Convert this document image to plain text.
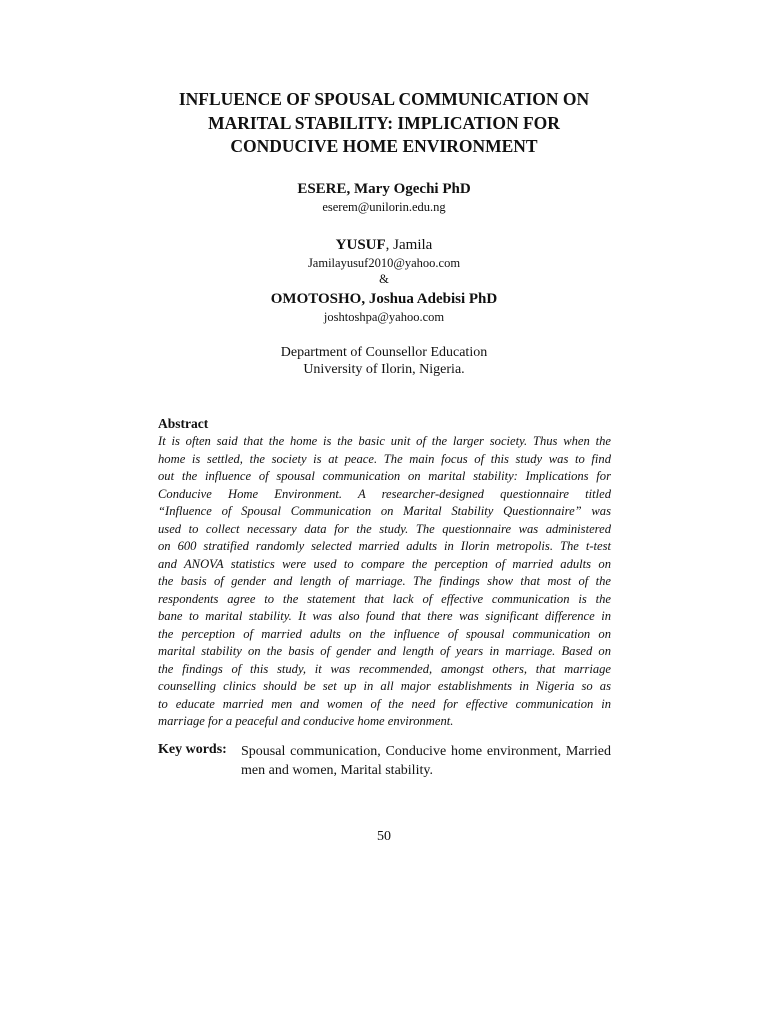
INFLUENCE OF SPOUSAL COMMUNICATION ON
MARITAL STABILITY: IMPLICATION FOR
CONDUCIVE HOME ENVIRONMENT
ESERE, Mary Ogechi PhD
eserem@unilorin.edu.ng
YUSUF, Jamila
Jamilayusuf2010@yahoo.com
&
OMOTOSHO, Joshua Adebisi PhD
joshtoshpa@yahoo.com
Department of Counsellor Education
University of Ilorin, Nigeria.
Abstract
It is often said that the home is the basic unit of the larger society. Thus when the
home is settled, the society is at peace. The main focus of this study was to find
out the influence of spousal communication on marital stability: Implications for
Conducive Home Environment. A researcher-designed questionnaire titled
“Influence of Spousal Communication on Marital Stability Questionnaire” was
used to collect necessary data for the study. The questionnaire was administered
on 600 stratified randomly selected married adults in Ilorin metropolis. The t-test
and ANOVA statistics were used to compare the perception of married adults on
the basis of gender and length of marriage. The findings show that most of the
respondents agree to the statement that lack of effective communication is the
bane to marital stability. It was also found that there was significant difference in
the perception of married adults on the influence of spousal communication on
marital stability on the basis of gender and length of years in marriage. Based on
the findings of this study, it was recommended, amongst others, that marriage
counselling clinics should be set up in all major establishments in Nigeria so as
to educate married men and women of the need for effective communication in
marriage for a peaceful and conducive home environment.
Key words: Spousal communication, Conducive home environment, Married men and women, Marital stability.
50
